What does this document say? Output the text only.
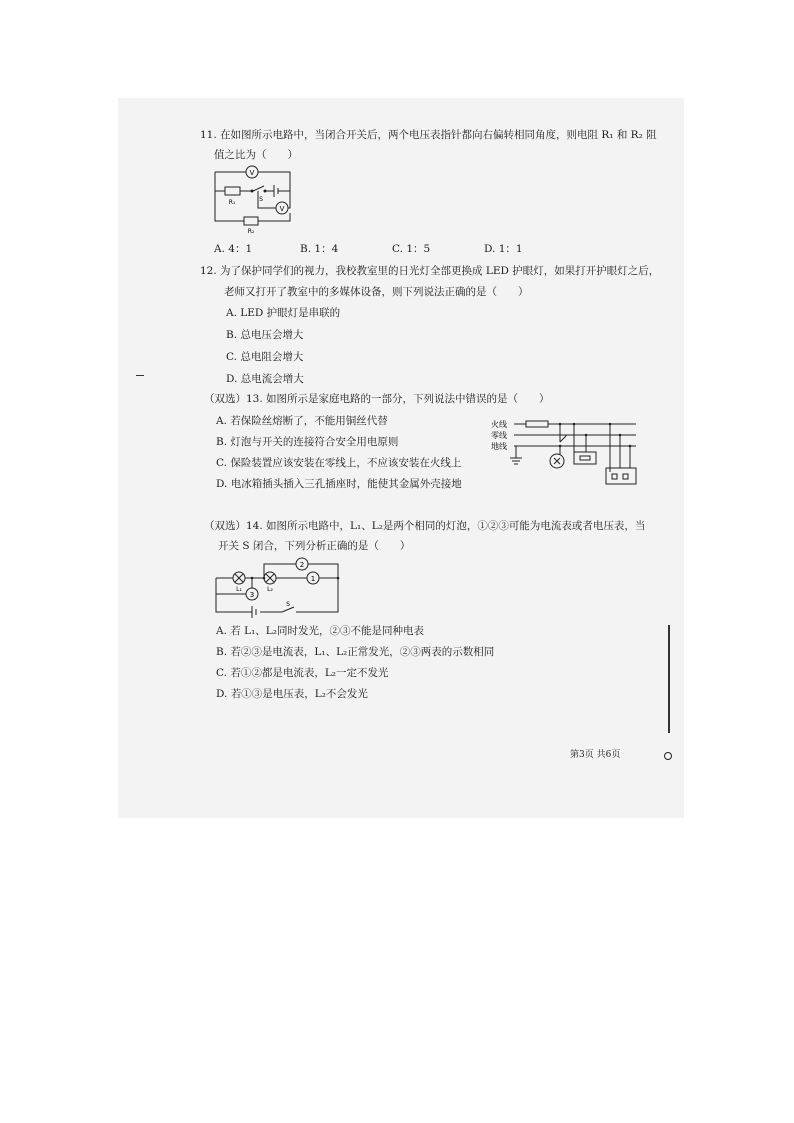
11. 在如图所示电路中，当闭合开关后，两个电压表指针都向右偏转相同角度，则电阻 R₁ 和 R₂ 阻
值之比为（　　）
V
V
R₁
R₂
S
A. 4：1	B. 1：4	C. 1：5	D. 1：1
12. 为了保护同学们的视力，我校教室里的日光灯全部更换成 LED 护眼灯，如果打开护眼灯之后，
老师又打开了教室中的多媒体设备，则下列说法正确的是（　　）
A. LED 护眼灯是串联的
B. 总电压会增大
C. 总电阻会增大
D. 总电流会增大
（双选）13. 如图所示是家庭电路的一部分，下列说法中错误的是（　　）
A. 若保险丝熔断了，不能用铜丝代替
B. 灯泡与开关的连接符合安全用电原则
C. 保险装置应该安装在零线上，不应该安装在火线上
D. 电冰箱插头插入三孔插座时，能使其金属外壳接地
火线
零线
地线
（双选）14. 如图所示电路中，L₁、L₂是两个相同的灯泡，①②③可能为电流表或者电压表，当
开关 S 闭合，下列分析正确的是（　　）
2
1
3
L₁	L₂
S
A. 若 L₁、L₂同时发光，②③不能是同种电表
B. 若②③是电流表，L₁、L₂正常发光，②③两表的示数相同
C. 若①②都是电流表，L₂一定不发光
D. 若①③是电压表，L₂不会发光
第3页 共6页
